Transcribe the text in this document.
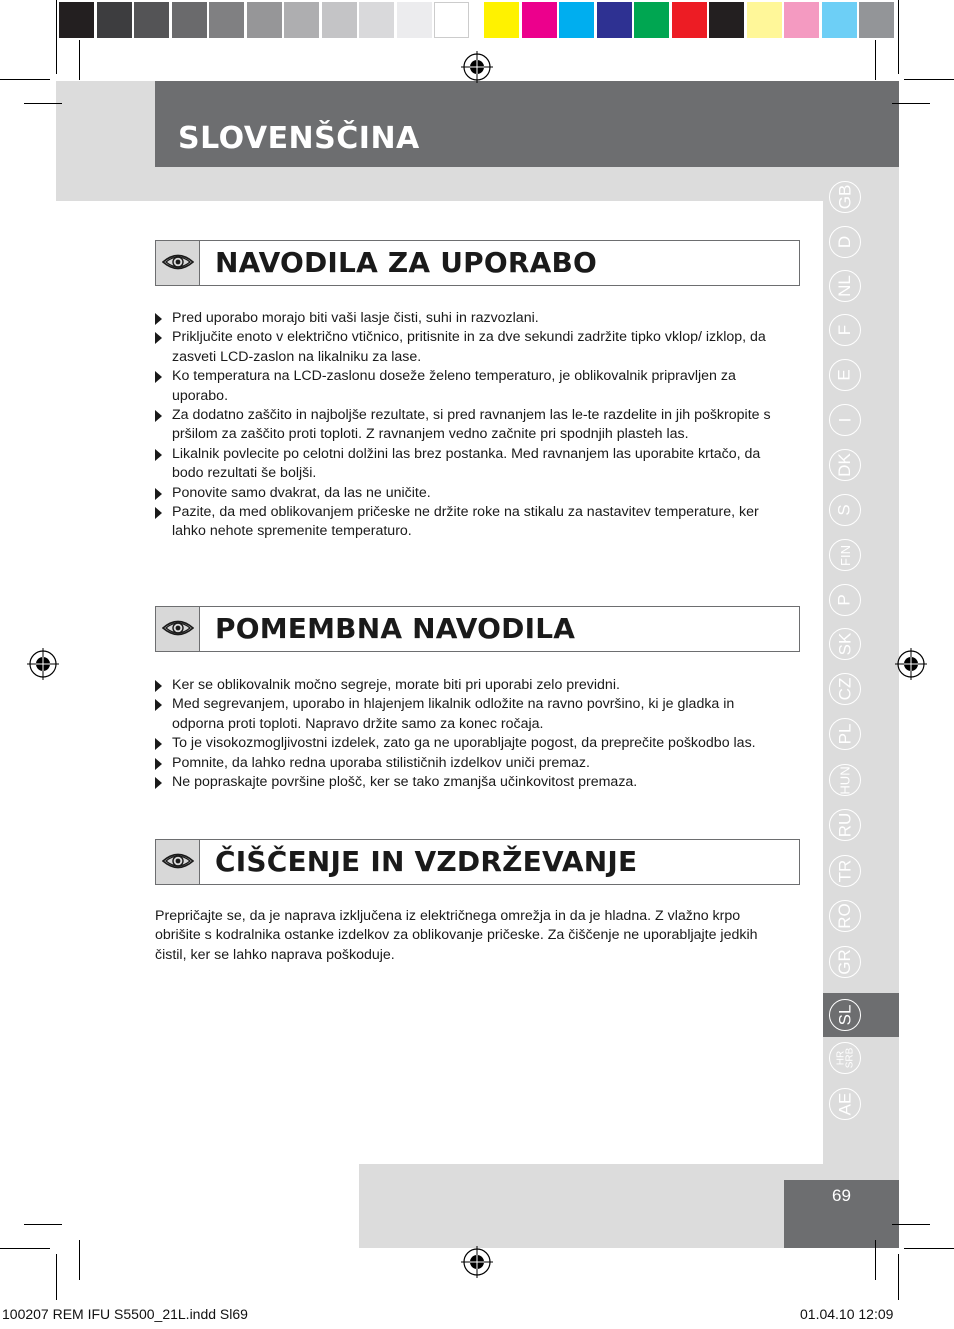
SLOVENŠČINA
NAVODILA ZA UPORABO
Pred uporabo morajo biti vaši lasje čisti, suhi in razvozlani.
Priključite enoto v električno vtičnico, pritisnite in za dve sekundi zadržite tipko vklop/ izklop, da zasveti LCD-zaslon na likalniku za lase.
Ko temperatura na LCD-zaslonu doseže želeno temperaturo, je oblikovalnik pripravljen za uporabo.
Za dodatno zaščito in najboljše rezultate, si pred ravnanjem las le-te razdelite in jih poškropite s pršilom za zaščito proti toploti. Z ravnanjem vedno začnite pri spodnjih plasteh las.
Likalnik povlecite po celotni dolžini las brez postanka. Med ravnanjem las uporabite krtačo, da bodo rezultati še boljši.
Ponovite samo dvakrat, da las ne uničite.
Pazite, da med oblikovanjem pričeske ne držite roke na stikalu za nastavitev temperature, ker lahko nehote spremenite temperaturo.
POMEMBNA NAVODILA
Ker se oblikovalnik močno segreje, morate biti pri uporabi zelo previdni.
Med segrevanjem, uporabo in hlajenjem likalnik odložite na ravno površino, ki je gladka in odporna proti toploti. Napravo držite samo za konec ročaja.
To je visokozmogljivostni izdelek, zato ga ne uporabljajte pogost, da preprečite poškodbo las.
Pomnite, da lahko redna uporaba stilističnih izdelkov uniči premaz.
Ne popraskajte površine plošč, ker se tako zmanjša učinkovitost premaza.
ČIŠČENJE IN VZDRŽEVANJE

Prepričajte se, da je naprava izključena iz električnega omrežja in da je hladna. Z vlažno krpo obrišite s kodralnika ostanke izdelkov za oblikovanje pričeske. Za čiščenje ne uporabljajte jedkih čistil, ker se lahko naprava poškoduje.

GB
D
NL
F
E
I
DK
S
FIN
P
SK
CZ
PL
HUN
RU
TR
RO
GR
SL
HR
SRB
AE
69
100207 REM IFU S5500_21L.indd Sl69	01.04.10 12:09
